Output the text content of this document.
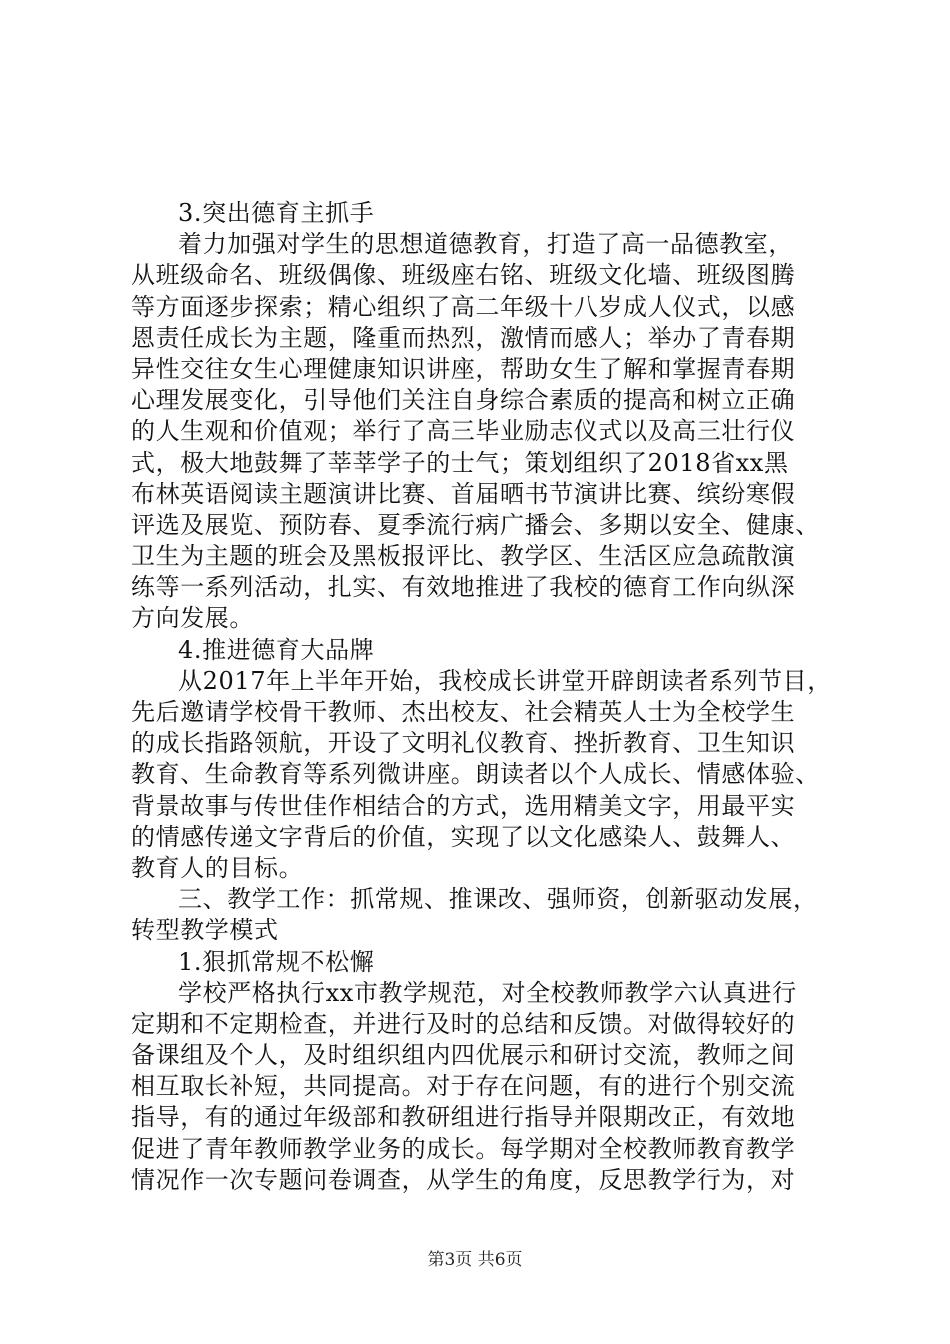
3.突出德育主抓手
着力加强对学生的思想道德教育，打造了高一品德教室，
从班级命名、班级偶像、班级座右铭、班级文化墙、班级图腾
等方面逐步探索；精心组织了高二年级十八岁成人仪式，以感
恩责任成长为主题，隆重而热烈，激情而感人；举办了青春期
异性交往女生心理健康知识讲座，帮助女生了解和掌握青春期
心理发展变化，引导他们关注自身综合素质的提高和树立正确
的人生观和价值观；举行了高三毕业励志仪式以及高三壮行仪
式，极大地鼓舞了莘莘学子的士气；策划组织了2018省xx黑
布林英语阅读主题演讲比赛、首届晒书节演讲比赛、缤纷寒假
评选及展览、预防春、夏季流行病广播会、多期以安全、健康、
卫生为主题的班会及黑板报评比、教学区、生活区应急疏散演
练等一系列活动，扎实、有效地推进了我校的德育工作向纵深
方向发展。
4.推进德育大品牌
从2017年上半年开始，我校成长讲堂开辟朗读者系列节目，
先后邀请学校骨干教师、杰出校友、社会精英人士为全校学生
的成长指路领航，开设了文明礼仪教育、挫折教育、卫生知识
教育、生命教育等系列微讲座。朗读者以个人成长、情感体验、
背景故事与传世佳作相结合的方式，选用精美文字，用最平实
的情感传递文字背后的价值，实现了以文化感染人、鼓舞人、
教育人的目标。
三、教学工作：抓常规、推课改、强师资，创新驱动发展，
转型教学模式
1.狠抓常规不松懈
学校严格执行xx市教学规范，对全校教师教学六认真进行
定期和不定期检查，并进行及时的总结和反馈。对做得较好的
备课组及个人，及时组织组内四优展示和研讨交流，教师之间
相互取长补短，共同提高。对于存在问题，有的进行个别交流
指导，有的通过年级部和教研组进行指导并限期改正，有效地
促进了青年教师教学业务的成长。每学期对全校教师教育教学
情况作一次专题问卷调查，从学生的角度，反思教学行为，对
第3页 共6页
